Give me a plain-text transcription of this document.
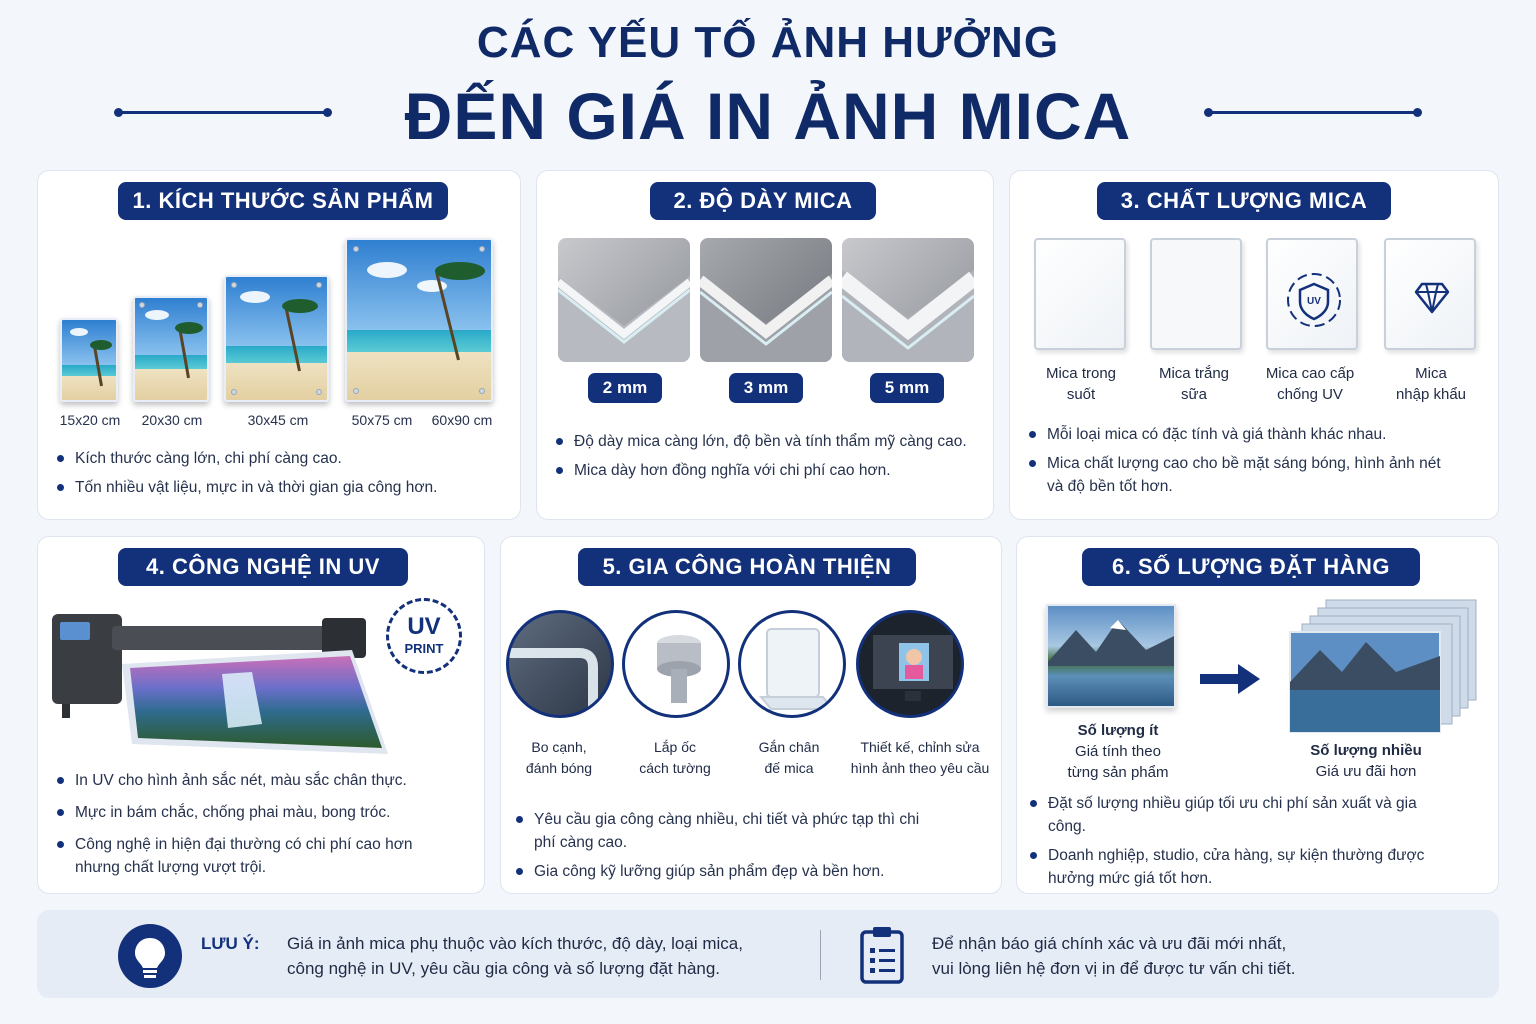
CÁC YẾU TỐ ẢNH HƯỞNG
ĐẾN GIÁ IN ẢNH MICA
1. KÍCH THƯỚC SẢN PHẨM
15x20 cm	20x30 cm	30x45 cm	50x75 cm	60x90 cm
Kích thước càng lớn, chi phí càng cao.
Tốn nhiều vật liệu, mực in và thời gian gia công hơn.
2. ĐỘ DÀY MICA
2 mm	3 mm	5 mm
Độ dày mica càng lớn, độ bền và tính thẩm mỹ càng cao.
Mica dày hơn đồng nghĩa với chi phí cao hơn.
3. CHẤT LƯỢNG MICA
UV
Mica trong
suốt
Mica trắng
sữa
Mica cao cấp
chống UV
Mica
nhập khẩu
Mỗi loại mica có đặc tính và giá thành khác nhau.
Mica chất lượng cao cho bề mặt sáng bóng, hình ảnh nét và độ bền tốt hơn.
4. CÔNG NGHỆ IN UV
UV
PRINT
In UV cho hình ảnh sắc nét, màu sắc chân thực.
Mực in bám chắc, chống phai màu, bong tróc.
Công nghệ in hiện đại thường có chi phí cao hơn nhưng chất lượng vượt trội.
5. GIA CÔNG HOÀN THIỆN
Bo cạnh,
đánh bóng
Lắp ốc
cách tường
Gắn chân
đế mica
Thiết kế, chỉnh sửa
hình ảnh theo yêu cầu
Yêu cầu gia công càng nhiều, chi tiết và phức tạp thì chi phí càng cao.
Gia công kỹ lưỡng giúp sản phẩm đẹp và bền hơn.
6. SỐ LƯỢNG ĐẶT HÀNG
Số lượng ít
Giá tính theo
từng sản phẩm
Số lượng nhiều
Giá ưu đãi hơn
Đặt số lượng nhiều giúp tối ưu chi phí sản xuất và gia công.
Doanh nghiệp, studio, cửa hàng, sự kiện thường được hưởng mức giá tốt hơn.
LƯU Ý: Giá in ảnh mica phụ thuộc vào kích thước, độ dày, loại mica,
công nghệ in UV, yêu cầu gia công và số lượng đặt hàng.
Để nhận báo giá chính xác và ưu đãi mới nhất,
vui lòng liên hệ đơn vị in để được tư vấn chi tiết.
